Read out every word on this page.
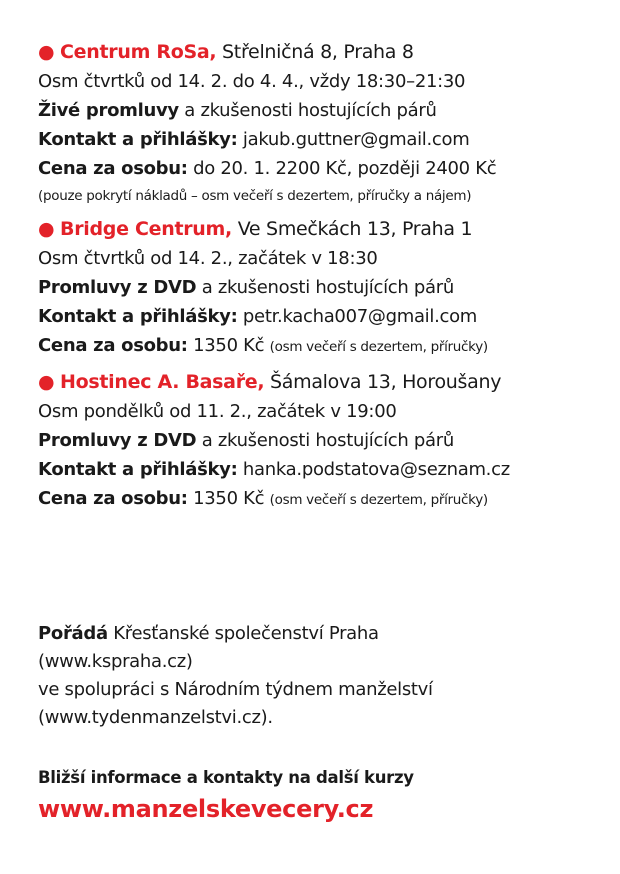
● Centrum RoSa, Střelničná 8, Praha 8
Osm čtvrtků od 14. 2. do 4. 4., vždy 18:30–21:30
Živé promluvy a zkušenosti hostujících párů
Kontakt a přihlášky: jakub.guttner@gmail.com
Cena za osobu: do 20. 1. 2200 Kč, později 2400 Kč
(pouze pokrytí nákladů – osm večeří s dezertem, příručky a nájem)
● Bridge Centrum, Ve Smečkách 13, Praha 1
Osm čtvrtků od 14. 2., začátek v 18:30
Promluvy z DVD a zkušenosti hostujících párů
Kontakt a přihlášky: petr.kacha007@gmail.com
Cena za osobu: 1350 Kč (osm večeří s dezertem, příručky)
● Hostinec A. Basaře, Šámalova 13, Horoušany
Osm pondělků od 11. 2., začátek v 19:00
Promluvy z DVD a zkušenosti hostujících párů
Kontakt a přihlášky: hanka.podstatova@seznam.cz
Cena za osobu: 1350 Kč (osm večeří s dezertem, příručky)
Pořádá Křesťanské společenství Praha
(www.kspraha.cz)
ve spolupráci s Národním týdnem manželství
(www.tydenmanzelstvi.cz).
Bližší informace a kontakty na další kurzy
www.manzelskevecery.cz
